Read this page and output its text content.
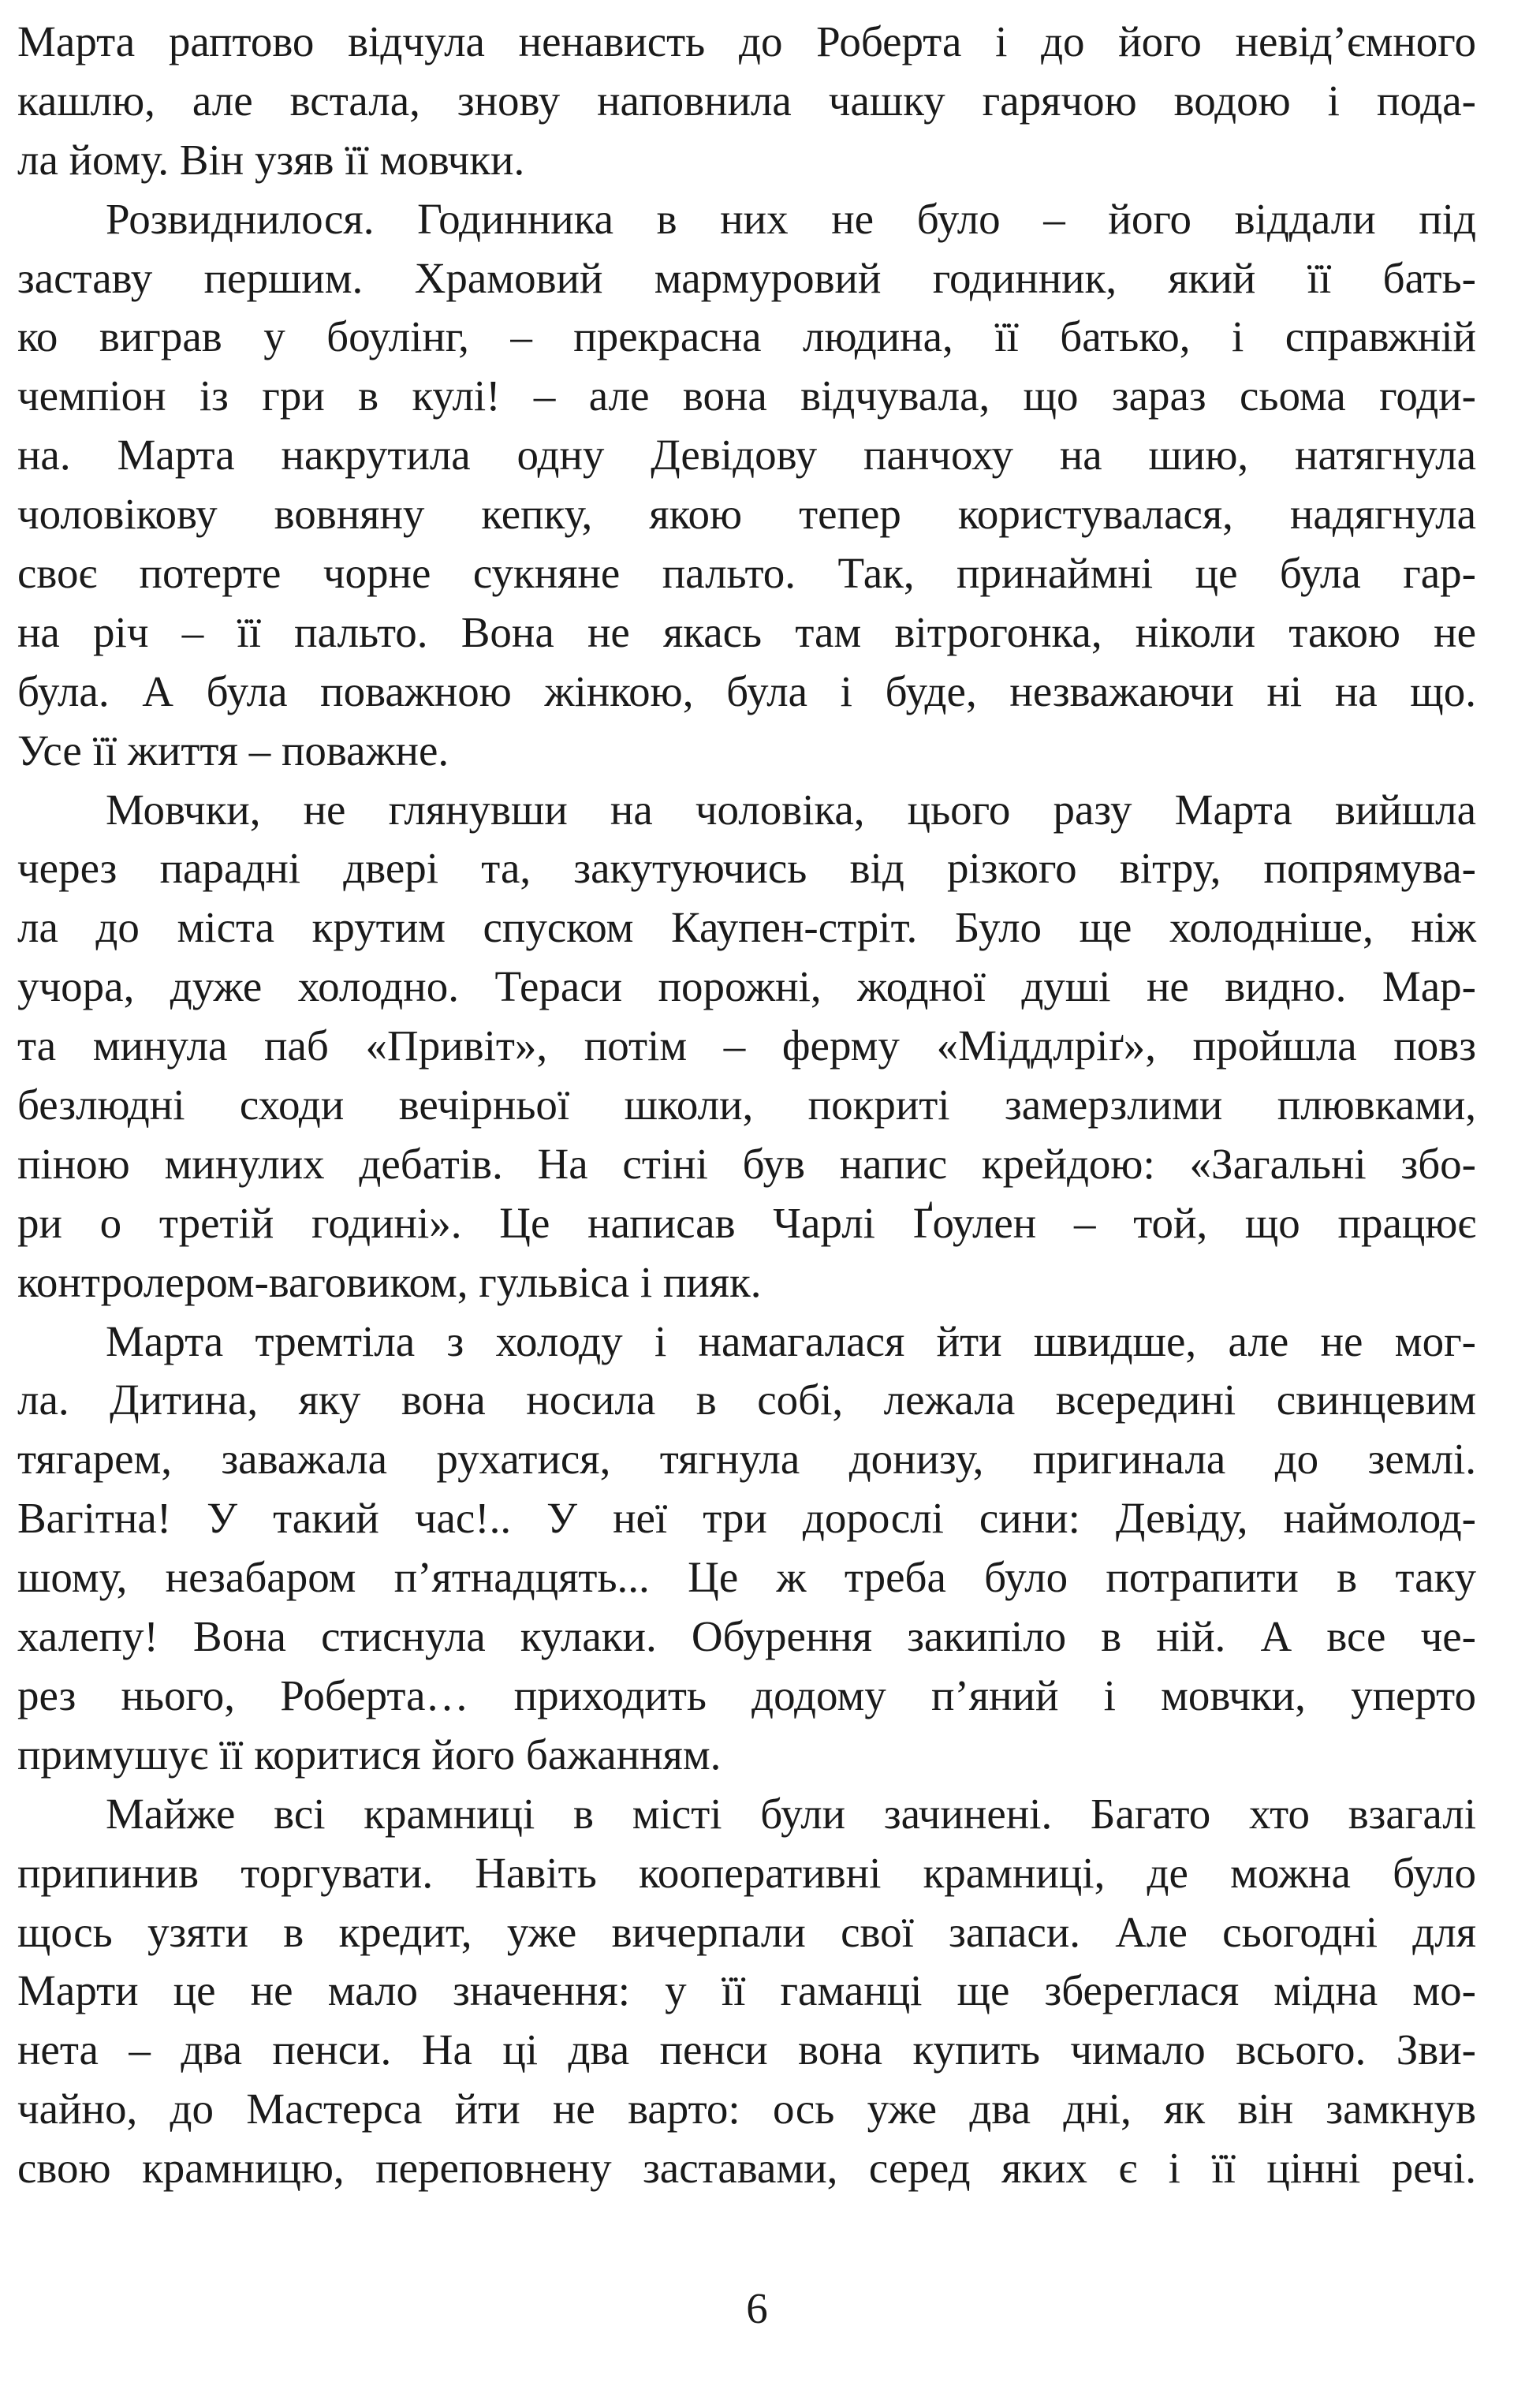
Марта раптово відчула ненависть до Роберта і до його невід’ємного
кашлю, але встала, знову наповнила чашку гарячою водою і пода-
ла йому. Він узяв її мовчки.
Розвиднилося. Годинника в них не було – його віддали під
заставу першим. Храмовий мармуровий годинник, який її бать-
ко виграв у боулінг, – прекрасна людина, її батько, і справжній
чемпіон із гри в кулі! – але вона відчувала, що зараз сьома годи-
на. Марта накрутила одну Девідову панчоху на шию, натягнула
чоловікову вовняну кепку, якою тепер користувалася, надягнула
своє потерте чорне сукняне пальто. Так, принаймні це була гар-
на річ – її пальто. Вона не якась там вітрогонка, ніколи такою не
була. А була поважною жінкою, була і буде, незважаючи ні на що.
Усе її життя – поважне.
Мовчки, не глянувши на чоловіка, цього разу Марта вийшла
через парадні двері та, закутуючись від різкого вітру, попрямува-
ла до міста крутим спуском Каупен-стріт. Було ще холодніше, ніж
учора, дуже холодно. Тераси порожні, жодної душі не видно. Мар-
та минула паб «Привіт», потім – ферму «Міддлріґ», пройшла повз
безлюдні сходи вечірньої школи, покриті замерзлими плювками,
піною минулих дебатів. На стіні був напис крейдою: «Загальні збо-
ри о третій годині». Це написав Чарлі Ґоулен – той, що працює
контролером-ваговиком, гульвіса і пияк.
Марта тремтіла з холоду і намагалася йти швидше, але не мог-
ла. Дитина, яку вона носила в собі, лежала всередині свинцевим
тягарем, заважала рухатися, тягнула донизу, пригинала до землі.
Вагітна! У такий час!.. У неї три дорослі сини: Девіду, наймолод-
шому, незабаром п’ятнадцять... Це ж треба було потрапити в таку
халепу! Вона стиснула кулаки. Обурення закипіло в ній. А все че-
рез нього, Роберта… приходить додому п’яний і мовчки, уперто
примушує її коритися його бажанням.
Майже всі крамниці в місті були зачинені. Багато хто взагалі
припинив торгувати. Навіть кооперативні крамниці, де можна було
щось узяти в кредит, уже вичерпали свої запаси. Але сьогодні для
Марти це не мало значення: у її гаманці ще збереглася мідна мо-
нета – два пенси. На ці два пенси вона купить чимало всього. Зви-
чайно, до Мастерса йти не варто: ось уже два дні, як він замкнув
свою крамницю, переповнену заставами, серед яких є і її цінні речі.
6
